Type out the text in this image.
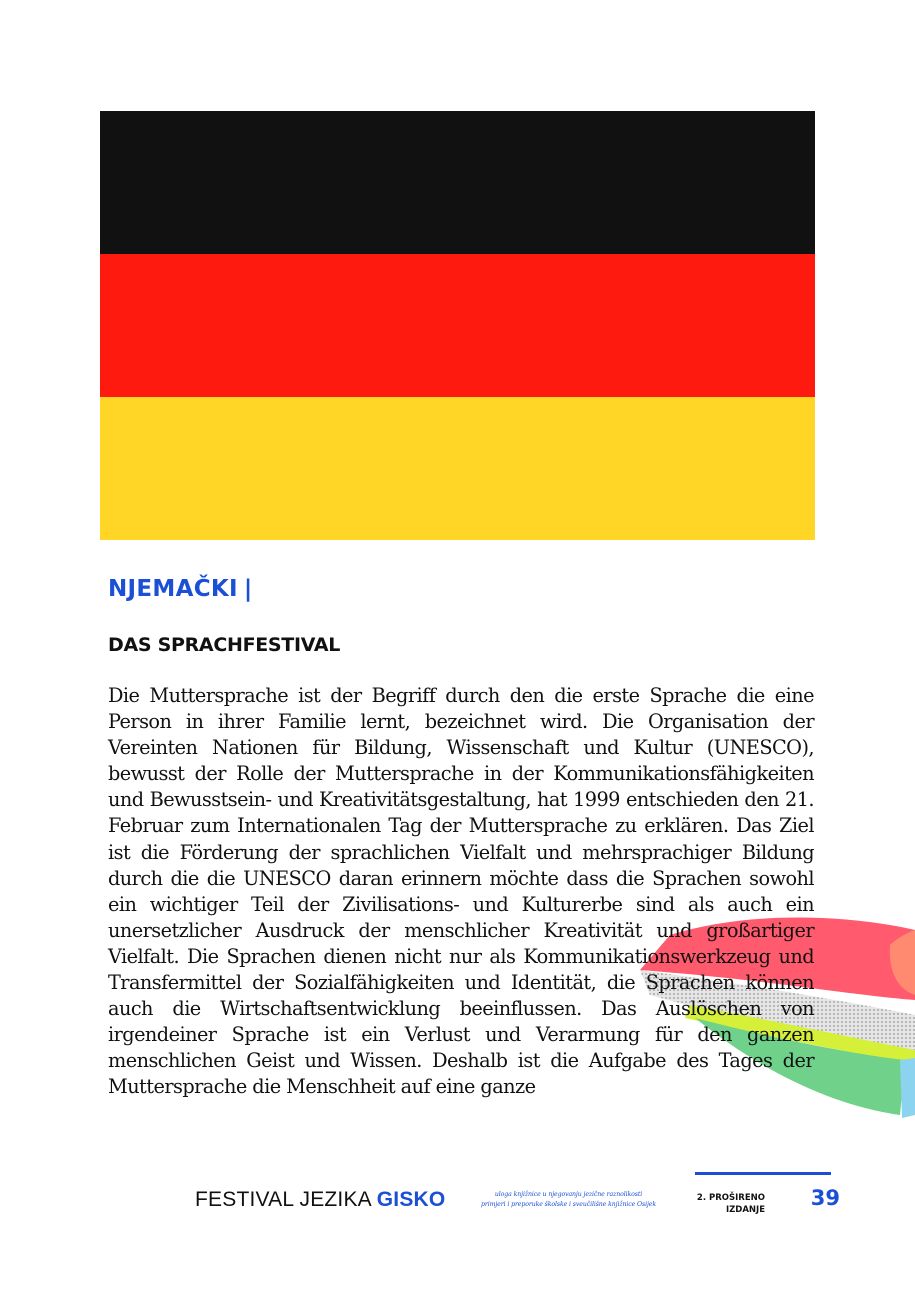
NJEMAČKI |
DAS SPRACHFESTIVAL

Die Muttersprache ist der Begriff durch den die erste Sprache die eine Person in ihrer Familie lernt, bezeichnet wird. Die Organisation der Vereinten Nationen für Bildung, Wissenschaft und Kultur (UNESCO), bewusst der Rolle der Muttersprache in der Kommunikationsfähigkeiten und Bewusstsein- und Kreativitätsgestaltung, hat 1999 entschieden den 21. Februar zum Internationalen Tag der Muttersprache zu erklären. Das Ziel ist die Förderung der sprachlichen Vielfalt und mehrsprachiger Bildung durch die die UNESCO daran erinnern möchte dass die Sprachen sowohl ein wichtiger Teil der Zivilisations- und Kulturerbe sind als auch ein unersetzlicher Ausdruck der menschlicher Kreativität und großartiger Vielfalt. Die Sprachen dienen nicht nur als Kommunikationswerkzeug und Transfermittel der Sozialfähigkeiten und Identität, die Sprachen können auch die Wirtschaftsentwicklung beeinflussen. Das Auslöschen von irgendeiner Sprache ist ein Verlust und Verarmung für den ganzen menschlichen Geist und Wissen. Deshalb ist die Aufgabe des Tages der Muttersprache die Menschheit auf eine ganze

FESTIVAL JEZIKA GISKO	uloga knjižnice u njegovanju jezične raznolikosti
primjeri i preporuke školske i sveučilišne knjižnice Osijek
2. PROŠIRENO
IZDANJE 39
